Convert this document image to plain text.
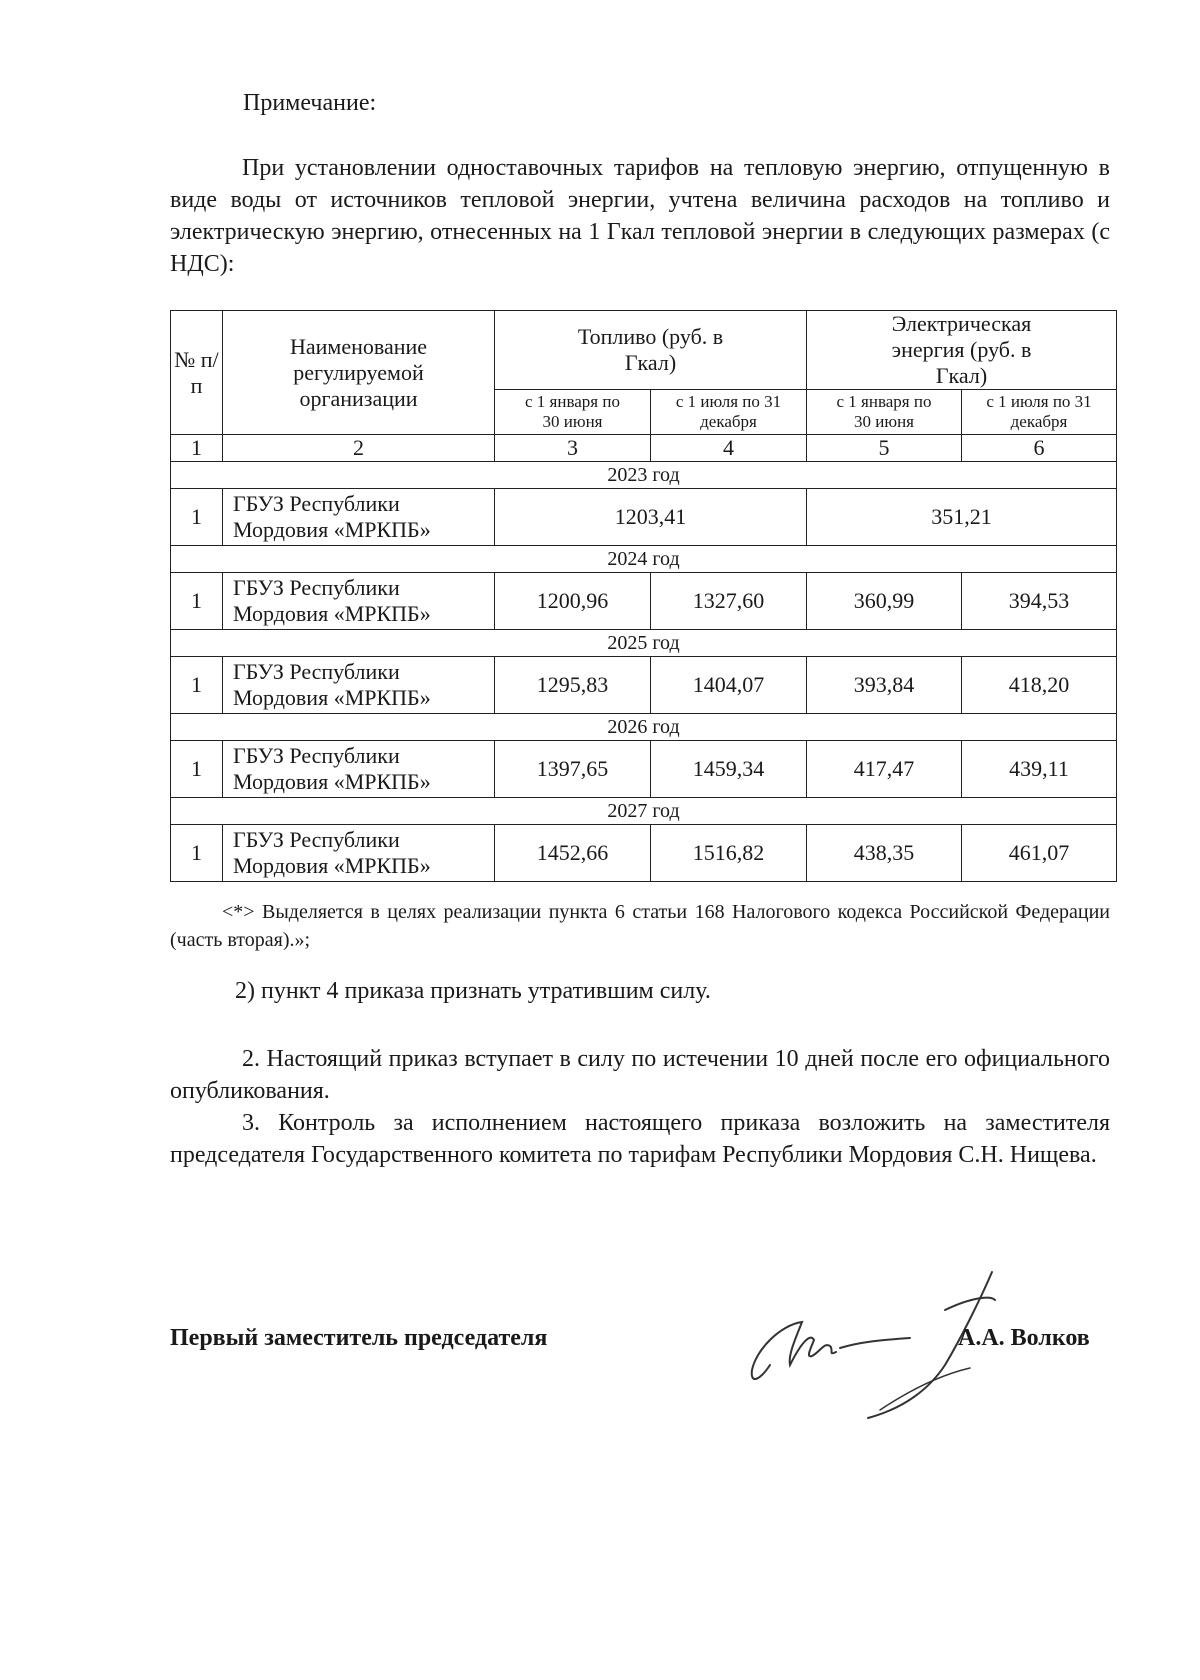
Примечание:

При установлении одноставочных тарифов на тепловую энергию, отпущенную в виде воды от источников тепловой энергии, учтена величина расходов на топливо и электрическую энергию, отнесенных на 1 Гкал тепловой энергии в следующих размерах (с НДС):

№ п/п	Наименование регулируемой организации	Топливо (руб. в Гкал)		Электрическая энергия (руб. в Гкал)	
		с 1 января по 30 июня	с 1 июля по 31 декабря	с 1 января по 30 июня	с 1 июля по 31 декабря
1	2	3	4	5	6
2023 год					
1	ГБУЗ Республики Мордовия «МРКПБ»	1203,41		351,21	
2024 год					
1	ГБУЗ Республики Мордовия «МРКПБ»	1200,96	1327,60	360,99	394,53
2025 год					
1	ГБУЗ Республики Мордовия «МРКПБ»	1295,83	1404,07	393,84	418,20
2026 год					
1	ГБУЗ Республики Мордовия «МРКПБ»	1397,65	1459,34	417,47	439,11
2027 год					
1	ГБУЗ Республики Мордовия «МРКПБ»	1452,66	1516,82	438,35	461,07

<*> Выделяется в целях реализации пункта 6 статьи 168 Налогового кодекса Российской Федерации (часть вторая).»;

2) пункт 4 приказа признать утратившим силу.

2. Настоящий приказ вступает в силу по истечении 10 дней после его официального опубликования.

3. Контроль за исполнением настоящего приказа возложить на заместителя председателя Государственного комитета по тарифам Республики Мордовия С.Н. Нищева.

Первый заместитель председателя	А.А. Волков
